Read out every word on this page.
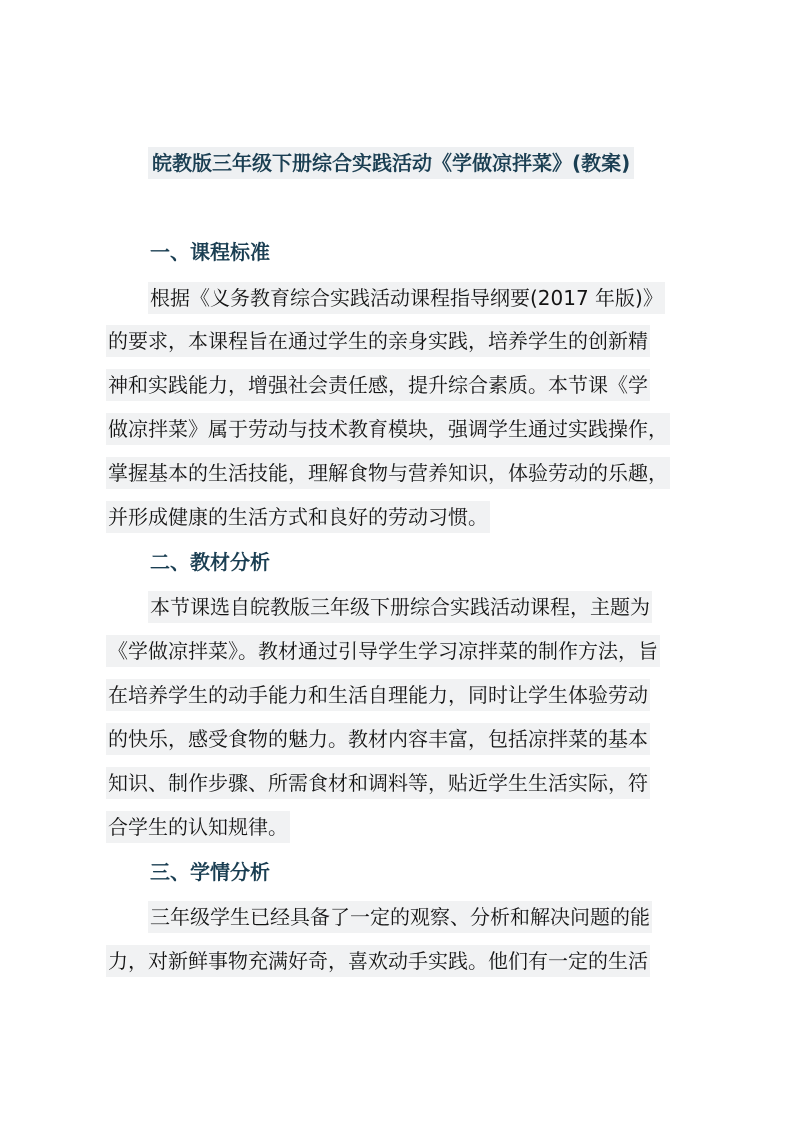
皖教版三年级下册综合实践活动《学做凉拌菜》(教案)
一、课程标准
根据《义务教育综合实践活动课程指导纲要(2017 年版)》
的要求，本课程旨在通过学生的亲身实践，培养学生的创新精
神和实践能力，增强社会责任感，提升综合素质。本节课《学
做凉拌菜》属于劳动与技术教育模块，强调学生通过实践操作，
掌握基本的生活技能，理解食物与营养知识，体验劳动的乐趣，
并形成健康的生活方式和良好的劳动习惯。
二、教材分析
本节课选自皖教版三年级下册综合实践活动课程，主题为
《学做凉拌菜》。教材通过引导学生学习凉拌菜的制作方法，旨
在培养学生的动手能力和生活自理能力，同时让学生体验劳动
的快乐，感受食物的魅力。教材内容丰富，包括凉拌菜的基本
知识、制作步骤、所需食材和调料等，贴近学生生活实际，符
合学生的认知规律。
三、学情分析
三年级学生已经具备了一定的观察、分析和解决问题的能
力，对新鲜事物充满好奇，喜欢动手实践。他们有一定的生活
